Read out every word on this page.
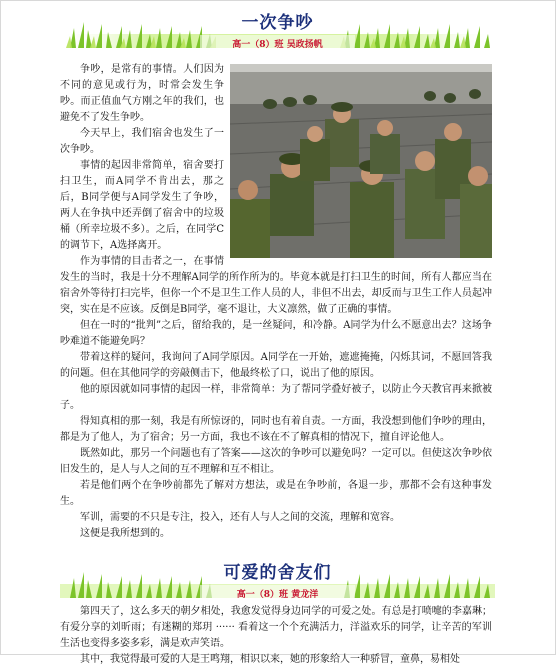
一次争吵
高一（8）班 吴政扬帆

争吵，是常有的事情。人们因为不同的意见或行为，时常会发生争吵。而正值血气方刚之年的我们，也避免不了发生争吵。

今天早上，我们宿舍也发生了一次争吵。

事情的起因非常简单，宿舍要打扫卫生，而A同学不肯出去，那之后，B同学便与A同学发生了争吵，两人在争执中还弄倒了宿舍中的垃圾桶（所幸垃圾不多）。之后，在同学C的调节下，A选择离开。

作为事情的目击者之一，在事情发生的当时，我是十分不理解A同学的所作所为的。毕竟本就是打扫卫生的时间，所有人都应当在宿舍外等待打扫完毕，但你一个不是卫生工作人员的人，非但不出去，却反而与卫生工作人员起冲突，实在是不应该。反倒是B同学，毫不退让，大义凛然，做了正确的事情。

但在一时的“批判”之后，留给我的，是一丝疑问，和冷静。A同学为什么不愿意出去？这场争吵难道不能避免吗？

带着这样的疑问，我询问了A同学原因。A同学在一开始，遮遮掩掩，闪烁其词，不愿回答我的问题。但在其他同学的旁敲侧击下，他最终松了口，说出了他的原因。

他的原因就如同事情的起因一样，非常简单：为了帮同学叠好被子，以防止今天教官再来掀被子。

得知真相的那一刻，我是有所惊讶的，同时也有着自责。一方面，我没想到他们争吵的理由，都是为了他人，为了宿舍；另一方面，我也不该在不了解真相的情况下，擅自评论他人。

既然如此，那另一个问题也有了答案——这次的争吵可以避免吗？一定可以。但使这次争吵依旧发生的，是人与人之间的互不理解和互不相让。

若是他们两个在争吵前都先了解对方想法，或是在争吵前，各退一步，那都不会有这种事发生。

军训，需要的不只是专注，投入，还有人与人之间的交流，理解和宽容。

这便是我所想到的。

可爱的舍友们
高一（8）班 黄龙洋

第四天了，这么多天的朝夕相处，我愈发觉得身边同学的可爱之处。有总是打喷嚏的李嘉琳；有爱分享的刘昕雨；有迷糊的郑玥 ······ 看着这一个个充满活力，洋溢欢乐的同学，让辛苦的军训生活也变得多姿多彩，满是欢声笑语。

其中，我觉得最可爱的人是王鸣翔，相识以来，她的形象给人一种骄冒，童鼻，易相处
